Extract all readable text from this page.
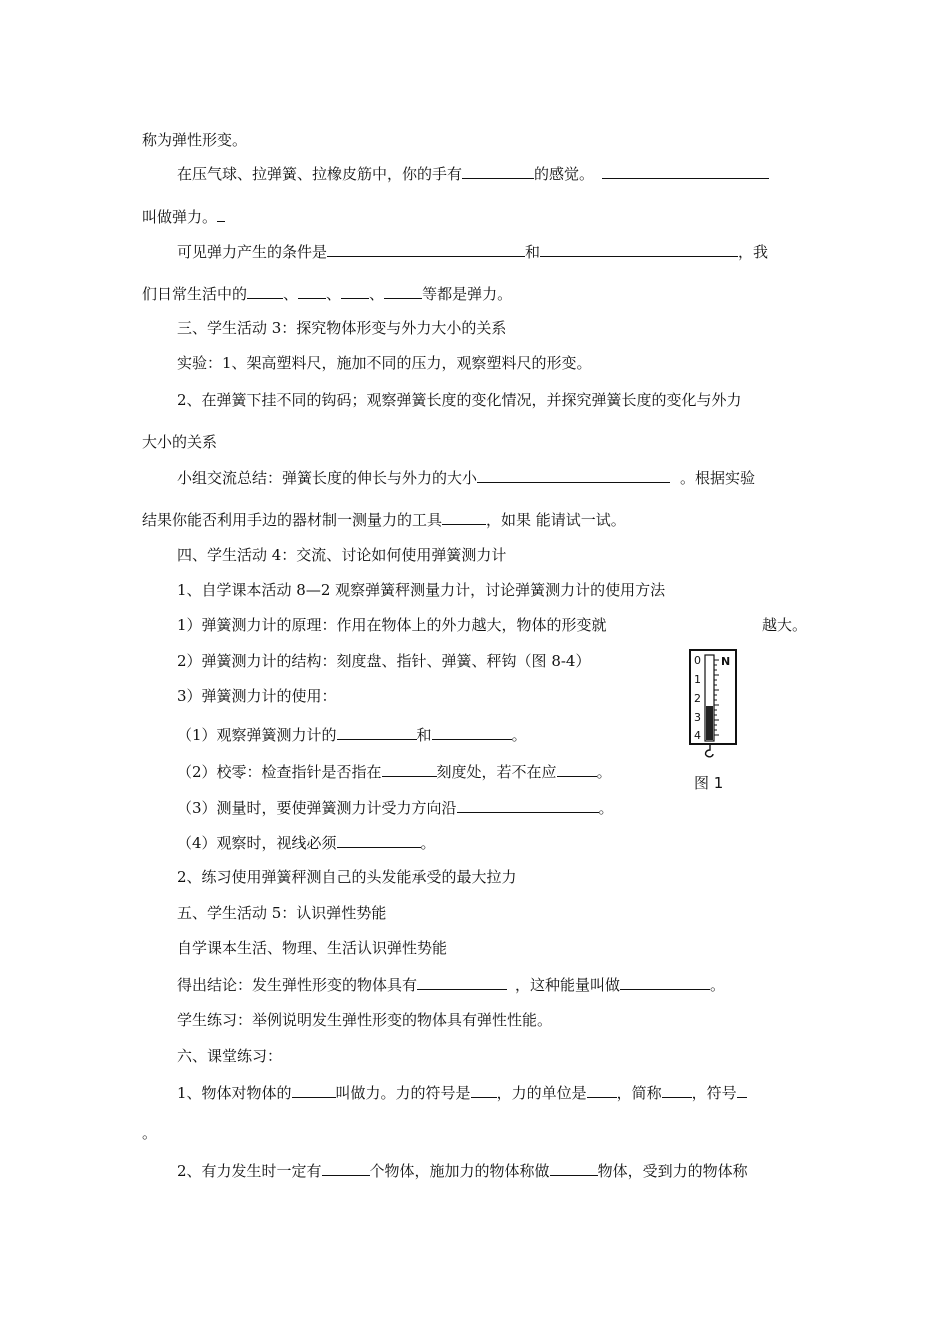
称为弹性形变。
在压气球、拉弹簧、拉橡皮筋中，你的手有	的感觉。
叫做弹力。
可见弹力产生的条件是	和	，我
们日常生活中的 、 、 、	等都是弹力。
三、学生活动 3：探究物体形变与外力大小的关系
实验：1、架高塑料尺，施加不同的压力，观察塑料尺的形变。
2、在弹簧下挂不同的钩码；观察弹簧长度的变化情况，并探究弹簧长度的变化与外力
大小的关系
小组交流总结：弹簧长度的伸长与外力的大小	。根据实验
结果你能否利用手边的器材制一测量力的工具	，如果 能请试一试。
四、学生活动 4：交流、讨论如何使用弹簧测力计
1、自学课本活动 8—2 观察弹簧秤测量力计，讨论弹簧测力计的使用方法
1）弹簧测力计的原理：作用在物体上的外力越大，物体的形变就	越大。
2）弹簧测力计的结构：刻度盘、指针、弹簧、秤钩（图 8-4）
3）弹簧测力计的使用：
（1）观察弹簧测力计的	和	。
（2）校零：检查指针是否指在	刻度处，若不在应	。
（3）测量时，要使弹簧测力计受力方向沿	。
（4）观察时，视线必须	。
2、练习使用弹簧秤测自己的头发能承受的最大拉力
五、学生活动 5：认识弹性势能
自学课本生活、物理、生活认识弹性势能
得出结论：发生弹性形变的物体具有	，这种能量叫做	。
学生练习：举例说明发生弹性形变的物体具有弹性性能。
六、课堂练习：
1、物体对物体的	叫做力。力的符号是 ，力的单位是 ，简称 ，符号
。
2、有力发生时一定有	个物体，施加力的物体称做	物体，受到力的物体称
0
1
2
3
4
N
图 1
